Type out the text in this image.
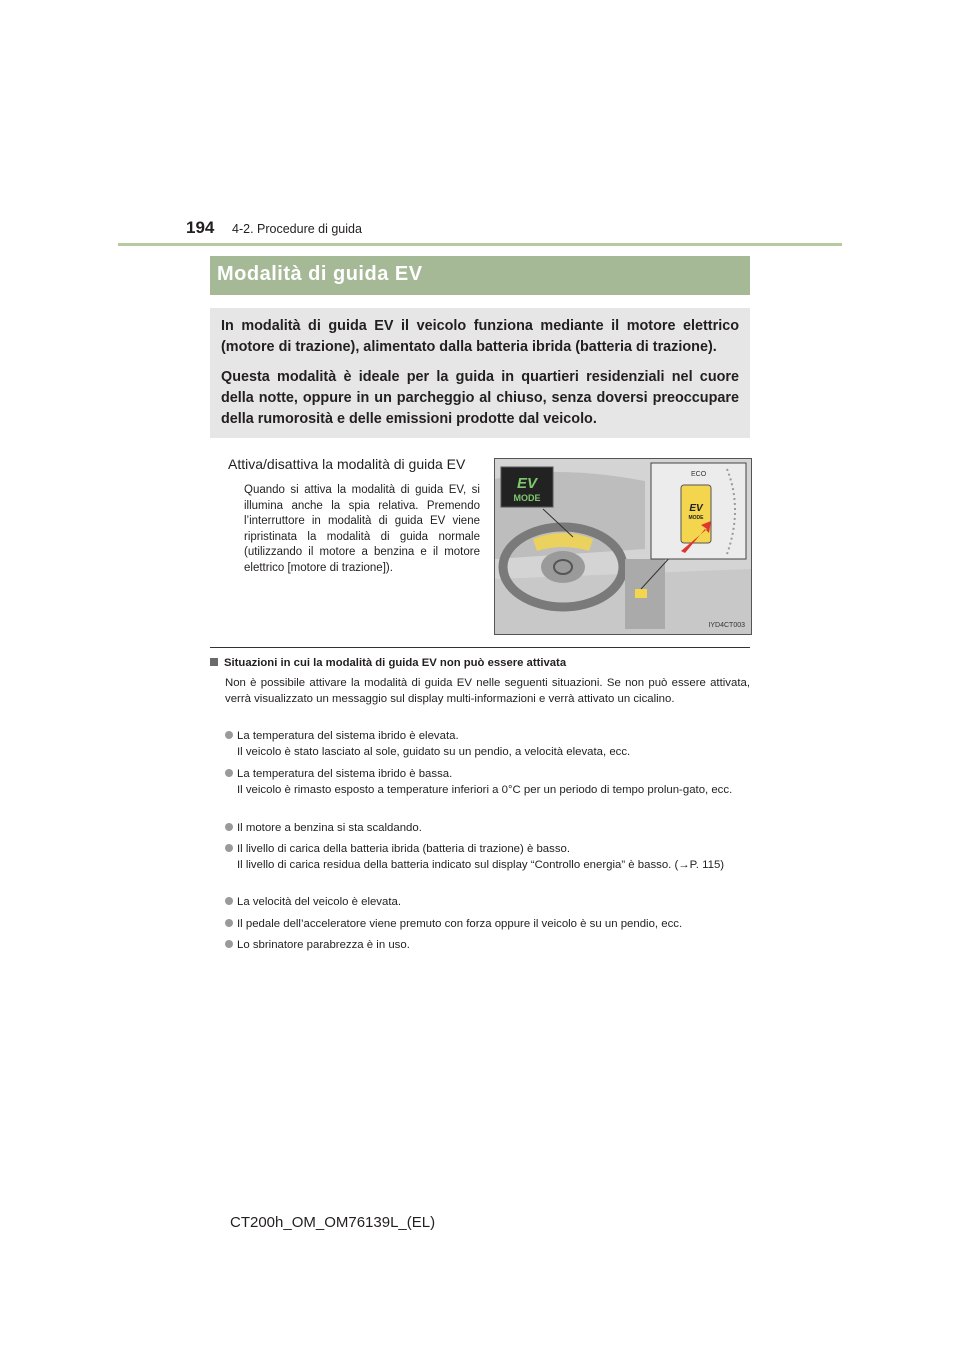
194 4-2. Procedure di guida
Modalità di guida EV
In modalità di guida EV il veicolo funziona mediante il motore elettrico (motore di trazione), alimentato dalla batteria ibrida (batteria di trazione).
Questa modalità è ideale per la guida in quartieri residenziali nel cuore della notte, oppure in un parcheggio al chiuso, senza doversi preoccupare della rumorosità e delle emissioni prodotte dal veicolo.
Attiva/disattiva la modalità di guida EV
Quando si attiva la modalità di guida EV, si illumina anche la spia relativa. Premendo l’interruttore in modalità di guida EV viene ripristinata la modalità di guida normale (utilizzando il motore a benzina e il motore elettrico [motore di trazione]).
EV
MODE
ECO
EV
MODE
IYD4CT003
Situazioni in cui la modalità di guida EV non può essere attivata
Non è possibile attivare la modalità di guida EV nelle seguenti situazioni. Se non può essere attivata, verrà visualizzato un messaggio sul display multi-informazioni e verrà attivato un cicalino.
La temperatura del sistema ibrido è elevata.
Il veicolo è stato lasciato al sole, guidato su un pendio, a velocità elevata, ecc.
La temperatura del sistema ibrido è bassa.
Il veicolo è rimasto esposto a temperature inferiori a 0°C per un periodo di tempo prolun-gato, ecc.
Il motore a benzina si sta scaldando.
Il livello di carica della batteria ibrida (batteria di trazione) è basso.
Il livello di carica residua della batteria indicato sul display “Controllo energia” è basso. (→P. 115)
La velocità del veicolo è elevata.
Il pedale dell’acceleratore viene premuto con forza oppure il veicolo è su un pendio, ecc.
Lo sbrinatore parabrezza è in uso.
CT200h_OM_OM76139L_(EL)
